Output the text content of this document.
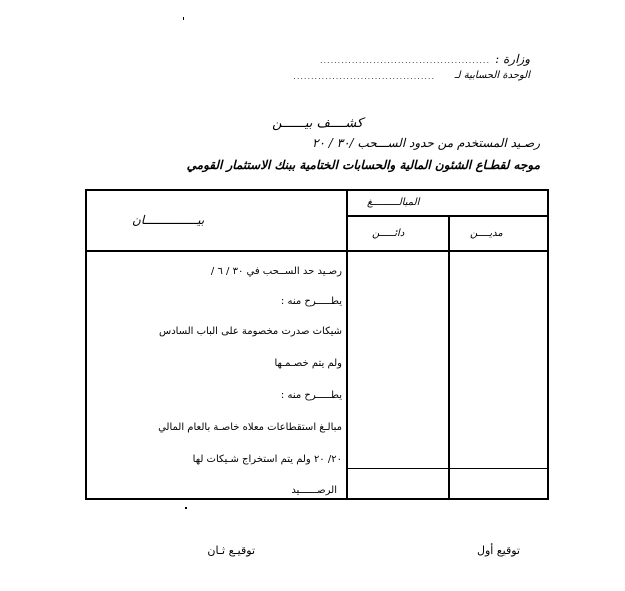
وزارة :
................................................
الوحدة الحسابية لـ
........................................
كشــــف بيــــــن
رصـيد المستخدم من حدود الســـحب /٣٠ / ٢٠
موجه لقطـاع الشئون المالية والحسابات الختامية ببنك الاستثمار القومي
بيـــــــــــــــان
المبالـــــــــغ
مديــــن
دائـــــن
رصـيد حد الســحب في ٣٠ / ٦ /
يطـــــرح منه :
شيكات صدرت مخصومة على الباب السادس
ولم يتم خصـمـها
يطـــــرح منه :
مبالـغ استقطاعات معلاه خاصـة بالعام المالي
٢٠/ ٢٠ ولم يتم استخراج شـيكات لها
الرصــــــيد
توقيع أول
توقيـع ثـان
